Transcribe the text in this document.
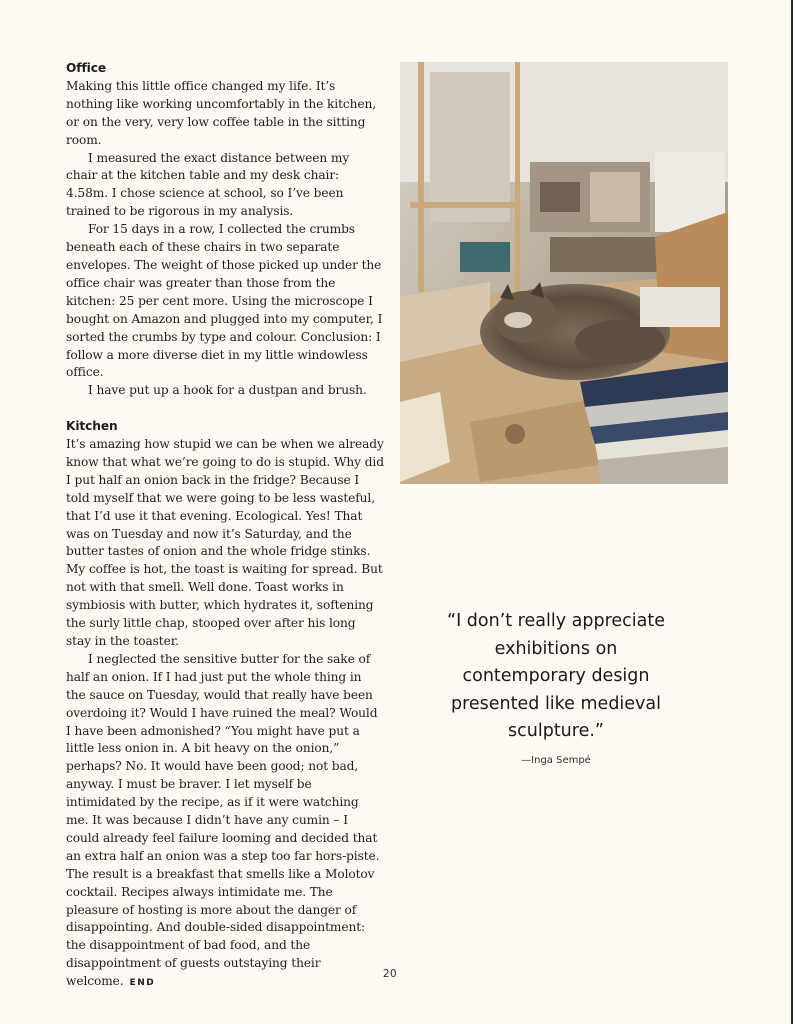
Office

Making this little office changed my life. It’s nothing like working uncomfortably in the kitchen, or on the very, very low coffee table in the sitting room.

I measured the exact distance between my chair at the kitchen table and my desk chair: 4.58m. I chose science at school, so I’ve been trained to be rigorous in my analysis.

For 15 days in a row, I collected the crumbs beneath each of these chairs in two separate envelopes. The weight of those picked up under the office chair was greater than those from the kitchen: 25 per cent more. Using the microscope I bought on Amazon and plugged into my computer, I sorted the crumbs by type and colour. Conclusion: I follow a more diverse diet in my little windowless office.

I have put up a hook for a dustpan and brush.

Kitchen

It’s amazing how stupid we can be when we already know that what we’re going to do is stupid. Why did I put half an onion back in the fridge? Because I told myself that we were going to be less wasteful, that I’d use it that evening. Ecological. Yes! That was on Tuesday and now it’s Saturday, and the butter tastes of onion and the whole fridge stinks. My coffee is hot, the toast is waiting for spread. But not with that smell. Well done. Toast works in symbiosis with butter, which hydrates it, softening the surly little chap, stooped over after his long stay in the toaster.

I neglected the sensitive butter for the sake of half an onion. If I had just put the whole thing in the sauce on Tuesday, would that really have been overdoing it? Would I have ruined the meal? Would I have been admonished? “You might have put a little less onion in. A bit heavy on the onion,” perhaps? No. It would have been good; not bad, anyway. I must be braver. I let myself be intimidated by the recipe, as if it were watching me. It was because I didn’t have any cumin – I could already feel failure looming and decided that an extra half an onion was a step too far hors-piste. The result is a breakfast that smells like a Molotov cocktail. Recipes always intimidate me. The pleasure of hosting is more about the danger of disappointing. And double-sided disappointment: the disappointment of bad food, and the disappointment of guests outstaying their welcome. END

“I don’t really appreciate exhibitions on contemporary design presented like medieval sculpture.”
—Inga Sempé
20
